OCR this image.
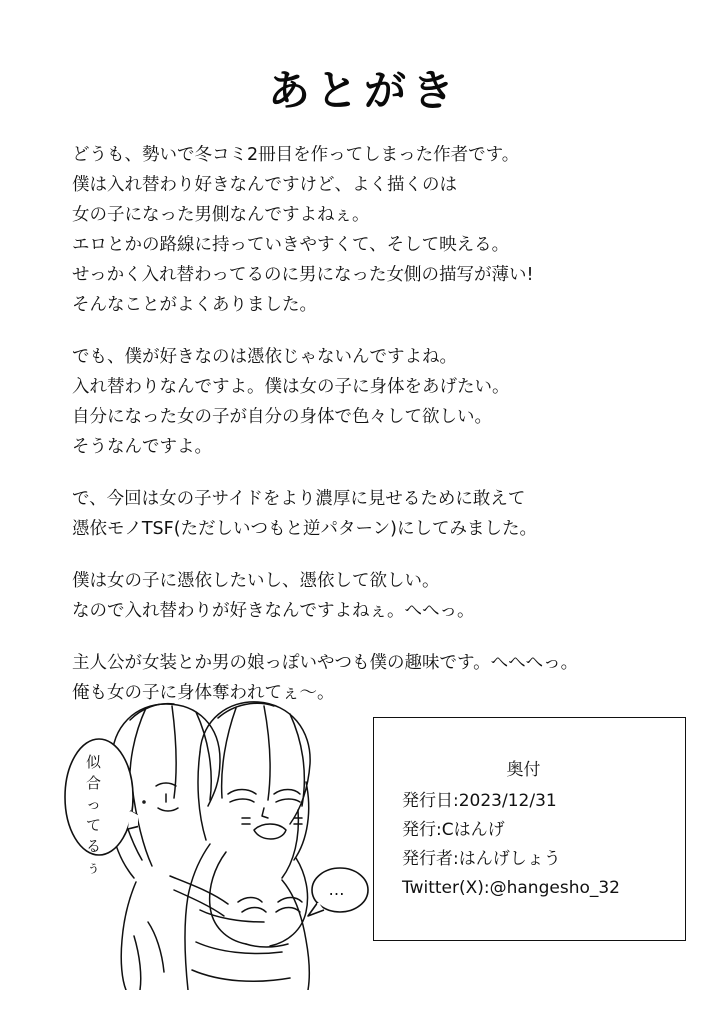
あとがき

どうも、勢いで冬コミ2冊目を作ってしまった作者です。
僕は入れ替わり好きなんですけど、よく描くのは
女の子になった男側なんですよねぇ。
エロとかの路線に持っていきやすくて、そして映える。
せっかく入れ替わってるのに男になった女側の描写が薄い!
そんなことがよくありました。

でも、僕が好きなのは憑依じゃないんですよね。
入れ替わりなんですよ。僕は女の子に身体をあげたい。
自分になった女の子が自分の身体で色々して欲しい。
そうなんですよ。

で、今回は女の子サイドをより濃厚に見せるために敢えて
憑依モノTSF(ただしいつもと逆パターン)にしてみました。

僕は女の子に憑依したいし、憑依して欲しい。
なので入れ替わりが好きなんですよねぇ。へへっ。

主人公が女装とか男の娘っぽいやつも僕の趣味です。へへへっ。
俺も女の子に身体奪われてぇ〜。

似
合
っ
て
る
ぅ
…
奥付
発行日:2023/12/31
発行:Cはんげ
発行者:はんげしょう
Twitter(X):@hangesho_32
